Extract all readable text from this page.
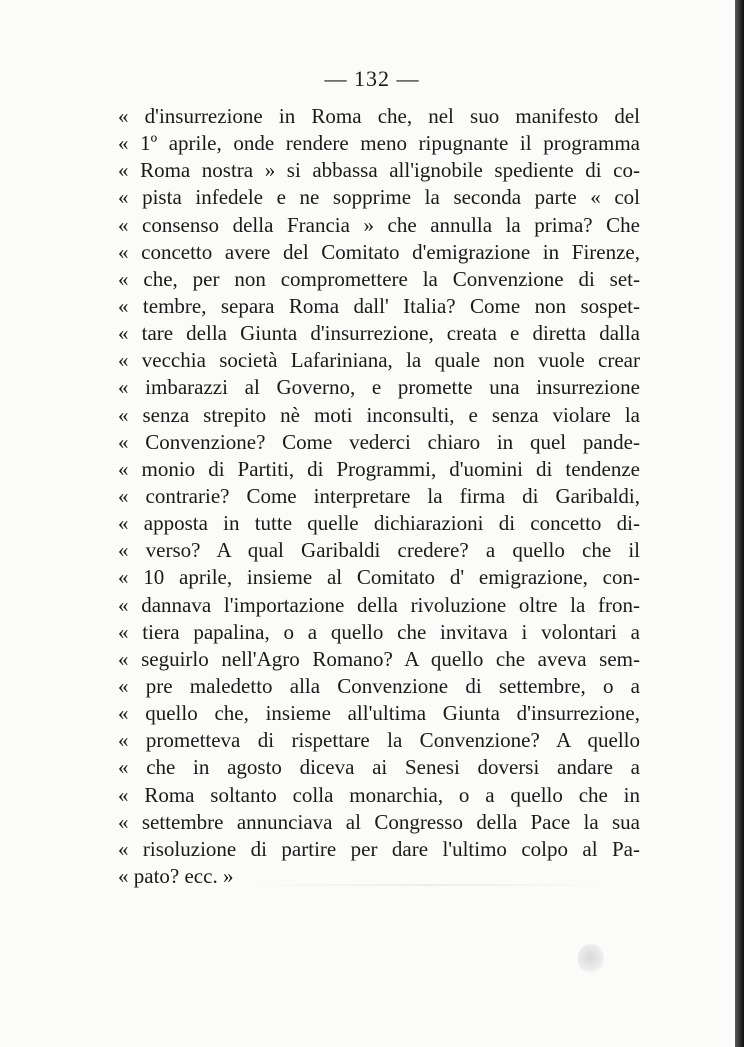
— 132 —
« d'insurrezione in Roma che, nel suo manifesto del
« 1º aprile, onde rendere meno ripugnante il programma
« Roma nostra » si abbassa all'ignobile spediente di co-
« pista infedele e ne sopprime la seconda parte « col
« consenso della Francia » che annulla la prima? Che
« concetto avere del Comitato d'emigrazione in Firenze,
« che, per non compromettere la Convenzione di set-
« tembre, separa Roma dall' Italia? Come non sospet-
« tare della Giunta d'insurrezione, creata e diretta dalla
« vecchia società Lafariniana, la quale non vuole crear
« imbarazzi al Governo, e promette una insurrezione
« senza strepito nè moti inconsulti, e senza violare la
« Convenzione? Come vederci chiaro in quel pande-
« monio di Partiti, di Programmi, d'uomini di tendenze
« contrarie? Come interpretare la firma di Garibaldi,
« apposta in tutte quelle dichiarazioni di concetto di-
« verso? A qual Garibaldi credere? a quello che il
« 10 aprile, insieme al Comitato d' emigrazione, con-
« dannava l'importazione della rivoluzione oltre la fron-
« tiera papalina, o a quello che invitava i volontari a
« seguirlo nell'Agro Romano? A quello che aveva sem-
« pre maledetto alla Convenzione di settembre, o a
« quello che, insieme all'ultima Giunta d'insurrezione,
« prometteva di rispettare la Convenzione? A quello
« che in agosto diceva ai Senesi doversi andare a
« Roma soltanto colla monarchia, o a quello che in
« settembre annunciava al Congresso della Pace la sua
« risoluzione di partire per dare l'ultimo colpo al Pa-
« pato? ecc. »
